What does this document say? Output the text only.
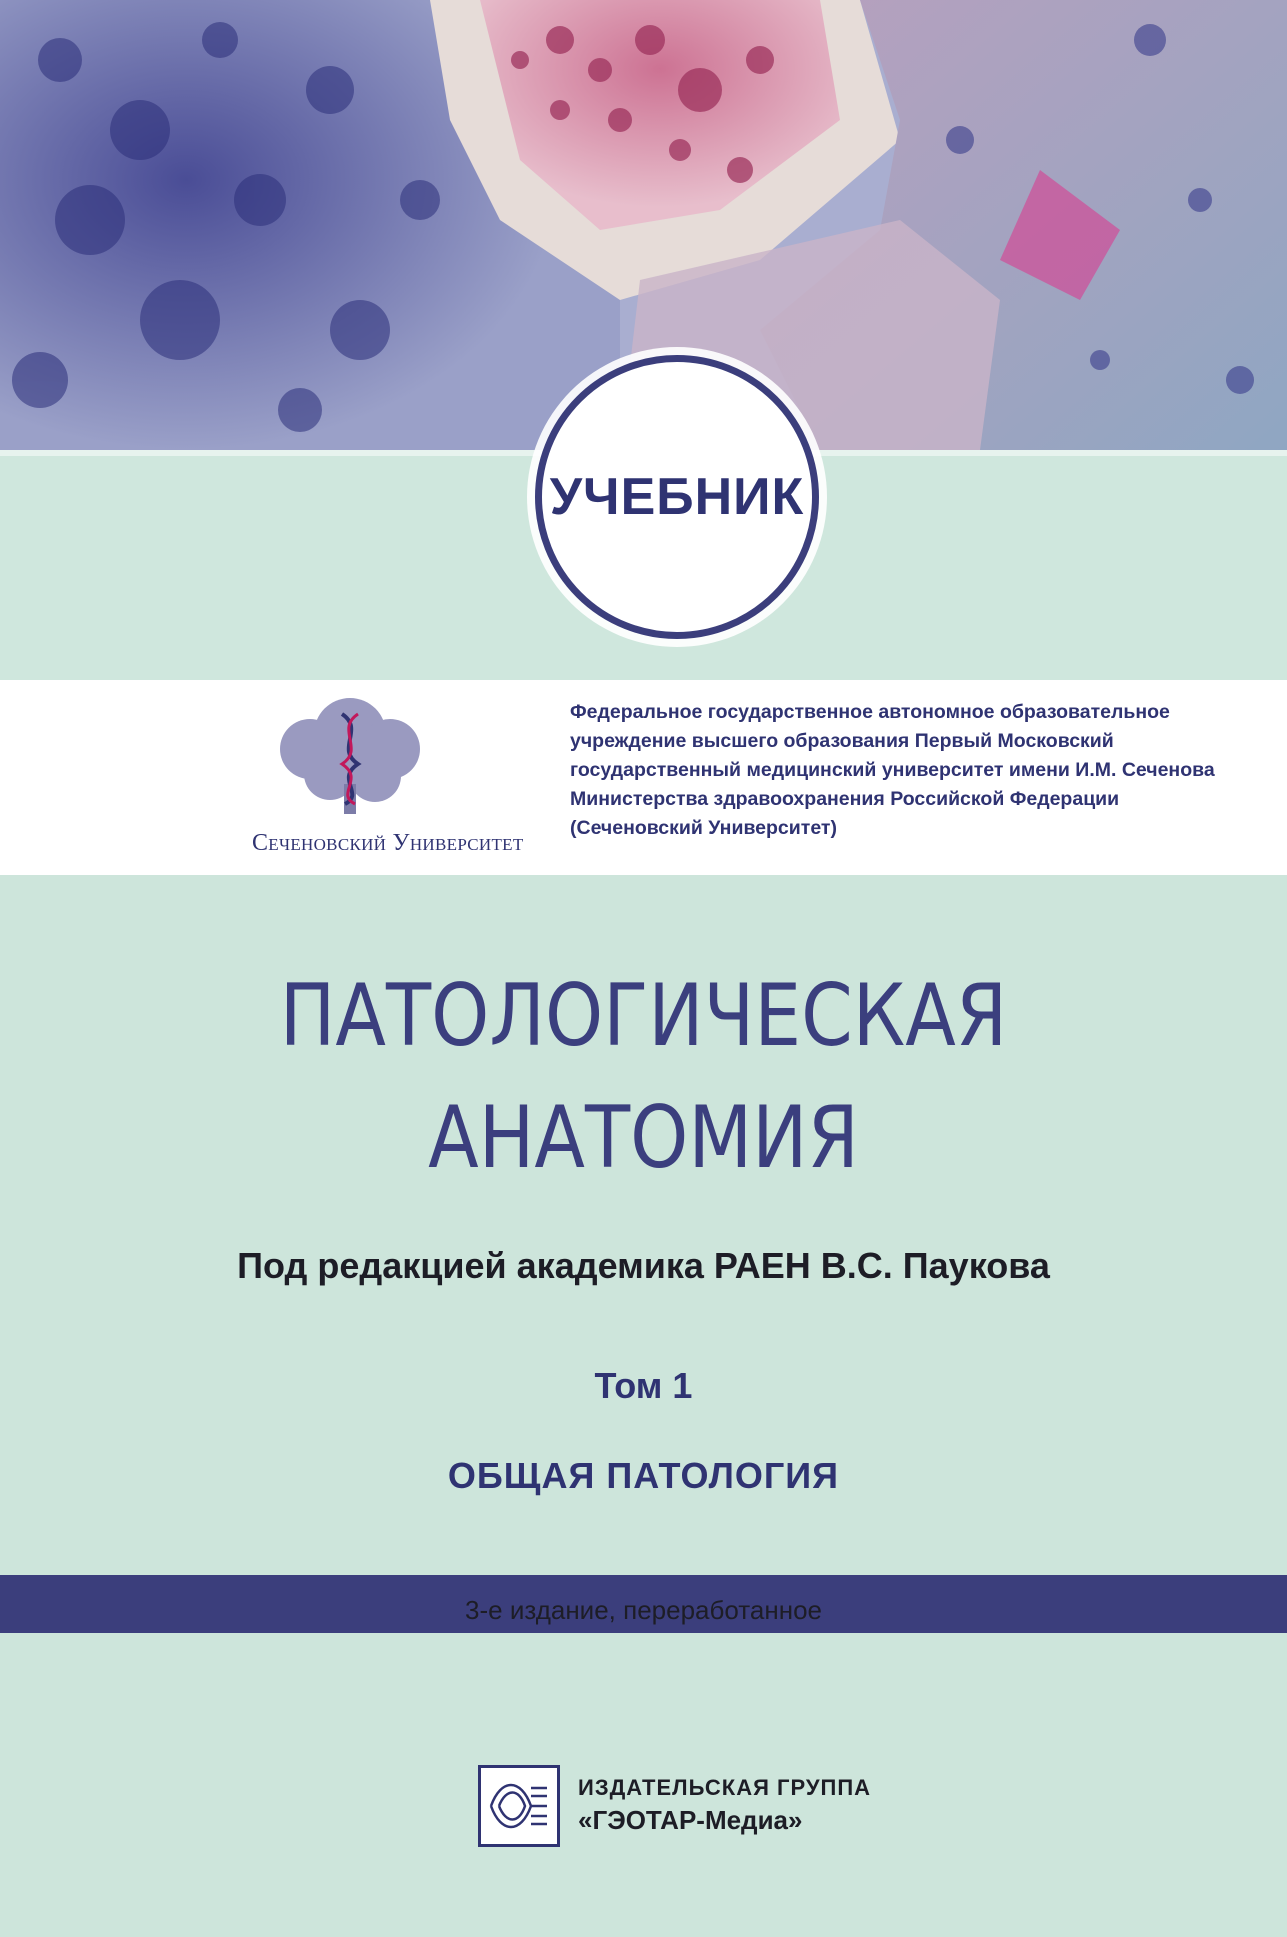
УЧЕБНИК
Сеченовский Университет
Федеральное государственное автономное образовательное
учреждение высшего образования Первый Московский
государственный медицинский университет имени И.М. Сеченова
Министерства здравоохранения Российской Федерации
(Сеченовский Университет)
ПАТОЛОГИЧЕСКАЯ
АНАТОМИЯ
Под редакцией академика РАЕН В.С. Паукова
Том 1
ОБЩАЯ ПАТОЛОГИЯ
3-е издание, переработанное
ИЗДАТЕЛЬСКАЯ ГРУППА
«ГЭОТАР-Медиа»
